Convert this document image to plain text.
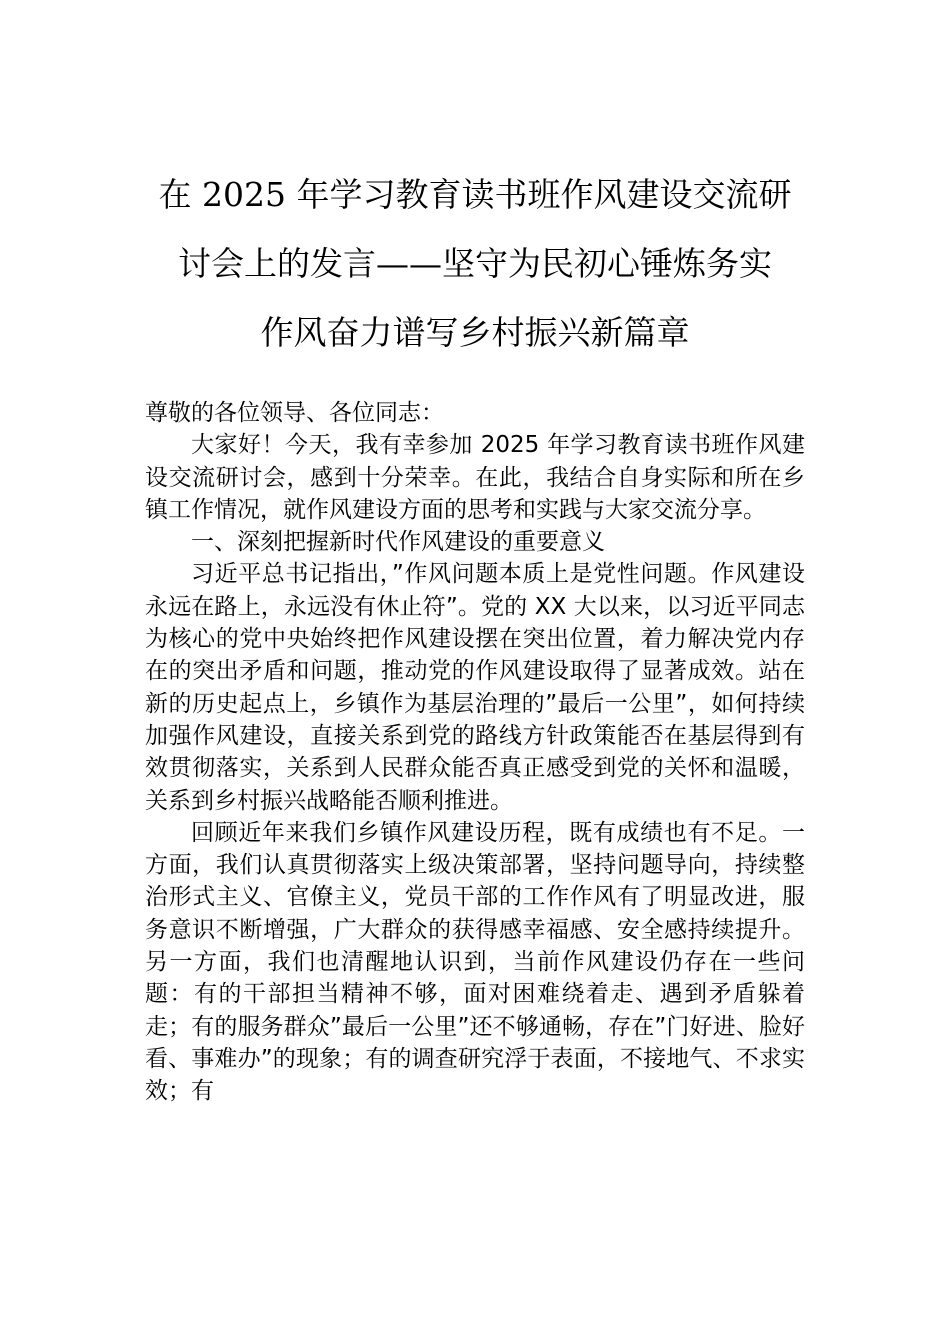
在 2025 年学习教育读书班作风建设交流研
讨会上的发言——坚守为民初心锤炼务实
作风奋力谱写乡村振兴新篇章

尊敬的各位领导、各位同志：

大家好！今天，我有幸参加 2025 年学习教育读书班作风建设交流研讨会，感到十分荣幸。在此，我结合自身实际和所在乡镇工作情况，就作风建设方面的思考和实践与大家交流分享。

一、深刻把握新时代作风建设的重要意义

习近平总书记指出，”作风问题本质上是党性问题。作风建设永远在路上，永远没有休止符”。党的 XX 大以来，以习近平同志为核心的党中央始终把作风建设摆在突出位置，着力解决党内存在的突出矛盾和问题，推动党的作风建设取得了显著成效。站在新的历史起点上，乡镇作为基层治理的”最后一公里”，如何持续加强作风建设，直接关系到党的路线方针政策能否在基层得到有效贯彻落实，关系到人民群众能否真正感受到党的关怀和温暖，关系到乡村振兴战略能否顺利推进。

回顾近年来我们乡镇作风建设历程，既有成绩也有不足。一方面，我们认真贯彻落实上级决策部署，坚持问题导向，持续整治形式主义、官僚主义，党员干部的工作作风有了明显改进，服务意识不断增强，广大群众的获得感幸福感、安全感持续提升。另一方面，我们也清醒地认识到，当前作风建设仍存在一些问题：有的干部担当精神不够，面对困难绕着走、遇到矛盾躲着走；有的服务群众”最后一公里”还不够通畅，存在”门好进、脸好看、事难办”的现象；有的调查研究浮于表面，不接地气、不求实效；有
